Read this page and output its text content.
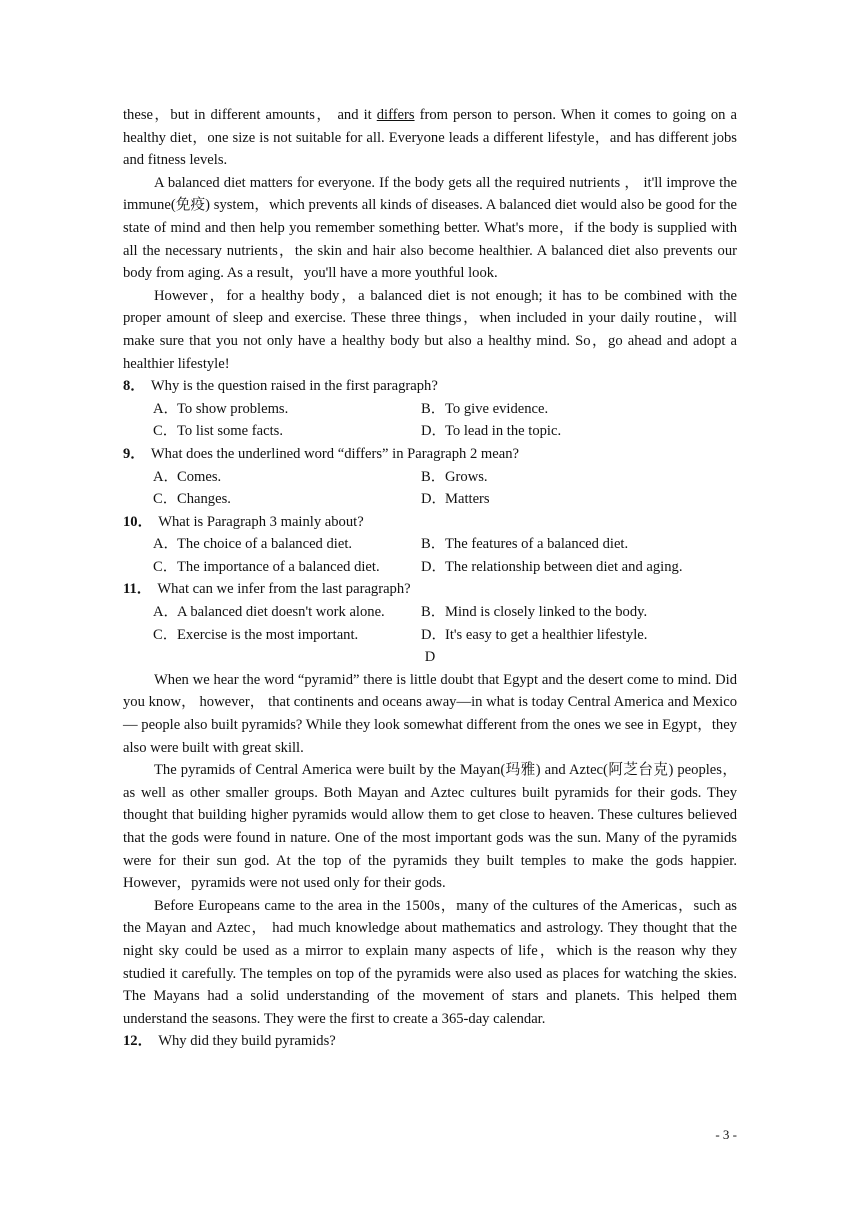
these，but in different amounts， and it differs from person to person. When it comes to going on a healthy diet，one size is not suitable for all. Everyone leads a different lifestyle，and has different jobs and fitness levels.

A balanced diet matters for everyone. If the body gets all the required nutrients ， it'll improve the immune(免疫) system，which prevents all kinds of diseases. A balanced diet would also be good for the state of mind and then help you remember something better. What's more，if the body is supplied with all the necessary nutrients，the skin and hair also become healthier. A balanced diet also prevents our body from aging. As a result，you'll have a more youthful look.

However，for a healthy body，a balanced diet is not enough; it has to be combined with the proper amount of sleep and exercise. These three things，when included in your daily routine，will make sure that you not only have a healthy body but also a healthy mind. So，go ahead and adopt a healthier lifestyle!

8． Why is the question raised in the first paragraph?

A．
To show problems.	B． To give evidence.
C． To list some facts.	D．
To lead in the topic.

9． What does the underlined word “differs” in Paragraph 2 mean?

A．
Comes.	B． Grows.
C． Changes.	D．
Matters

10． What is Paragraph 3 mainly about?

A．
The choice of a balanced diet.	B． The features of a balanced diet.
C． The importance of a balanced diet.	D．
The relationship between diet and aging.

11． What can we infer from the last paragraph?

A．
A balanced diet doesn't work alone. B． Mind is closely linked to the body.
C． Exercise is the most important.	D．
It's easy to get a healthier lifestyle.

D

When we hear the word “pyramid” there is little doubt that Egypt and the desert come to mind. Did you know， however， that continents and oceans away—in what is today Central America and Mexico — people also built pyramids? While they look somewhat different from the ones we see in Egypt，they also were built with great skill.

The pyramids of Central America were built by the Mayan(玛雅) and Aztec(阿芝台克) peoples， as well as other smaller groups. Both Mayan and Aztec cultures built pyramids for their gods. They thought that building higher pyramids would allow them to get close to heaven. These cultures believed that the gods were found in nature. One of the most important gods was the sun. Many of the pyramids were for their sun god. At the top of the pyramids they built temples to make the gods happier. However，pyramids were not used only for their gods.

Before Europeans came to the area in the 1500s，many of the cultures of the Americas，such as the Mayan and Aztec， had much knowledge about mathematics and astrology. They thought that the night sky could be used as a mirror to explain many aspects of life，which is the reason why they studied it carefully. The temples on top of the pyramids were also used as places for watching the skies. The Mayans had a solid understanding of the movement of stars and planets. This helped them understand the seasons. They were the first to create a 365-day calendar.

12． Why did they build pyramids?

- 3 -
